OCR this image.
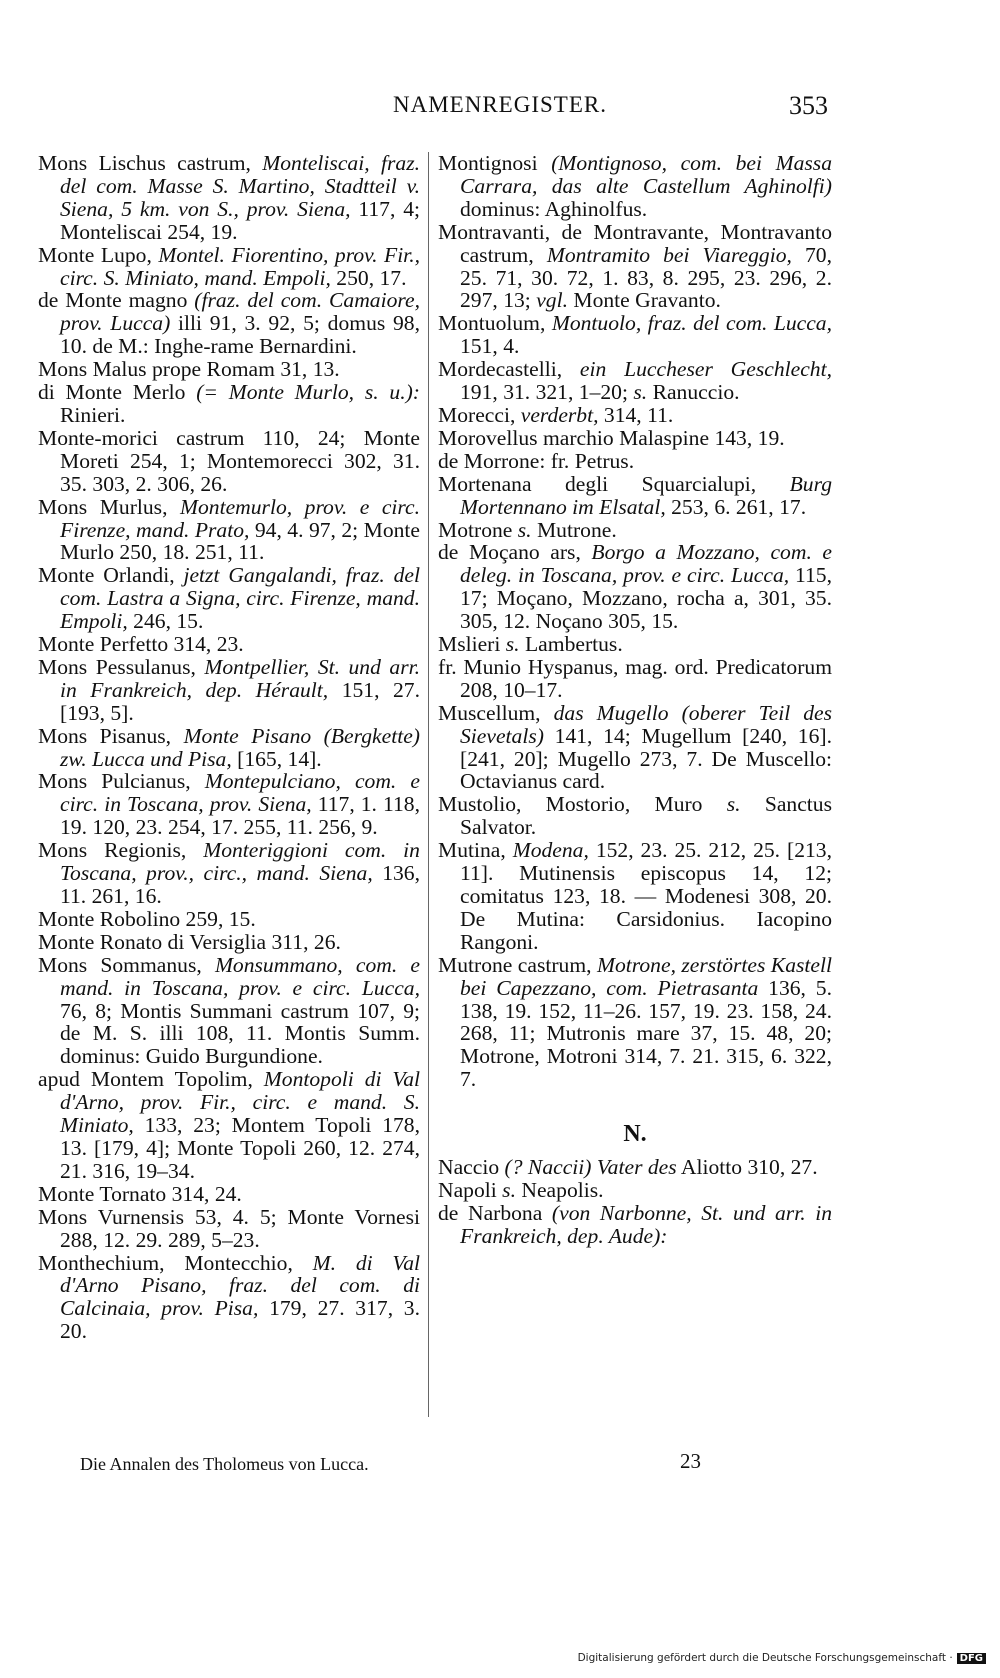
NAMENREGISTER.	353
Mons Lischus castrum, Monteliscai, fraz. del com. Masse S. Martino, Stadtteil v. Siena, 5 km. von S., prov. Siena, 117, 4; Monteliscai 254, 19.
Monte Lupo, Montel. Fiorentino, prov. Fir., circ. S. Miniato, mand. Empoli, 250, 17.
de Monte magno (fraz. del com. Camaiore, prov. Lucca) illi 91, 3. 92, 5; domus 98, 10. de M.: Inghe-rame Bernardini.
Mons Malus prope Romam 31, 13.
di Monte Merlo (= Monte Murlo, s. u.): Rinieri.
Monte-morici castrum 110, 24; Monte Moreti 254, 1; Montemorecci 302, 31. 35. 303, 2. 306, 26.
Mons Murlus, Montemurlo, prov. e circ. Firenze, mand. Prato, 94, 4. 97, 2; Monte Murlo 250, 18. 251, 11.
Monte Orlandi, jetzt Gangalandi, fraz. del com. Lastra a Signa, circ. Firenze, mand. Empoli, 246, 15.
Monte Perfetto 314, 23.
Mons Pessulanus, Montpellier, St. und arr. in Frankreich, dep. Hérault, 151, 27. [193, 5].
Mons Pisanus, Monte Pisano (Bergkette) zw. Lucca und Pisa, [165, 14].
Mons Pulcianus, Montepulciano, com. e circ. in Toscana, prov. Siena, 117, 1. 118, 19. 120, 23. 254, 17. 255, 11. 256, 9.
Mons Regionis, Monteriggioni com. in Toscana, prov., circ., mand. Siena, 136, 11. 261, 16.
Monte Robolino 259, 15.
Monte Ronato di Versiglia 311, 26.
Mons Sommanus, Monsummano, com. e mand. in Toscana, prov. e circ. Lucca, 76, 8; Montis Summani castrum 107, 9; de M. S. illi 108, 11. Montis Summ. dominus: Guido Burgundione.
apud Montem Topolim, Montopoli di Val d'Arno, prov. Fir., circ. e mand. S. Miniato, 133, 23; Montem Topoli 178, 13. [179, 4]; Monte Topoli 260, 12. 274, 21. 316, 19–34.
Monte Tornato 314, 24.
Mons Vurnensis 53, 4. 5; Monte Vornesi 288, 12. 29. 289, 5–23.
Monthechium, Montecchio, M. di Val d'Arno Pisano, fraz. del com. di Calcinaia, prov. Pisa, 179, 27. 317, 3. 20.
Montignosi (Montignoso, com. bei Massa Carrara, das alte Castellum Aghinolfi) dominus: Aghinolfus.
Montravanti, de Montravante, Montravanto castrum, Montramito bei Viareggio, 70, 25. 71, 30. 72, 1. 83, 8. 295, 23. 296, 2. 297, 13; vgl. Monte Gravanto.
Montuolum, Montuolo, fraz. del com. Lucca, 151, 4.
Mordecastelli, ein Luccheser Geschlecht, 191, 31. 321, 1–20; s. Ranuccio.
Morecci, verderbt, 314, 11.
Morovellus marchio Malaspine 143, 19.
de Morrone: fr. Petrus.
Mortenana degli Squarcialupi, Burg Mortennano im Elsatal, 253, 6. 261, 17.
Motrone s. Mutrone.
de Moçano ars, Borgo a Mozzano, com. e deleg. in Toscana, prov. e circ. Lucca, 115, 17; Moçano, Mozzano, rocha a, 301, 35. 305, 12. Noçano 305, 15.
Mslieri s. Lambertus.
fr. Munio Hyspanus, mag. ord. Predicatorum 208, 10–17.
Muscellum, das Mugello (oberer Teil des Sievetals) 141, 14; Mugellum [240, 16]. [241, 20]; Mugello 273, 7. De Muscello: Octavianus card.
Mustolio, Mostorio, Muro s. Sanctus Salvator.
Mutina, Modena, 152, 23. 25. 212, 25. [213, 11]. Mutinensis episcopus 14, 12; comitatus 123, 18. — Modenesi 308, 20. De Mutina: Carsidonius. Iacopino Rangoni.
Mutrone castrum, Motrone, zerstörtes Kastell bei Capezzano, com. Pietrasanta 136, 5. 138, 19. 152, 11–26. 157, 19. 23. 158, 24. 268, 11; Mutronis mare 37, 15. 48, 20; Motrone, Motroni 314, 7. 21. 315, 6. 322, 7.
N.
Naccio (? Naccii) Vater des Aliotto 310, 27.
Napoli s. Neapolis.
de Narbona (von Narbonne, St. und arr. in Frankreich, dep. Aude):
Die Annalen des Tholomeus von Lucca.	23
Digitalisierung gefördert durch die Deutsche Forschungsgemeinschaft · DFG
